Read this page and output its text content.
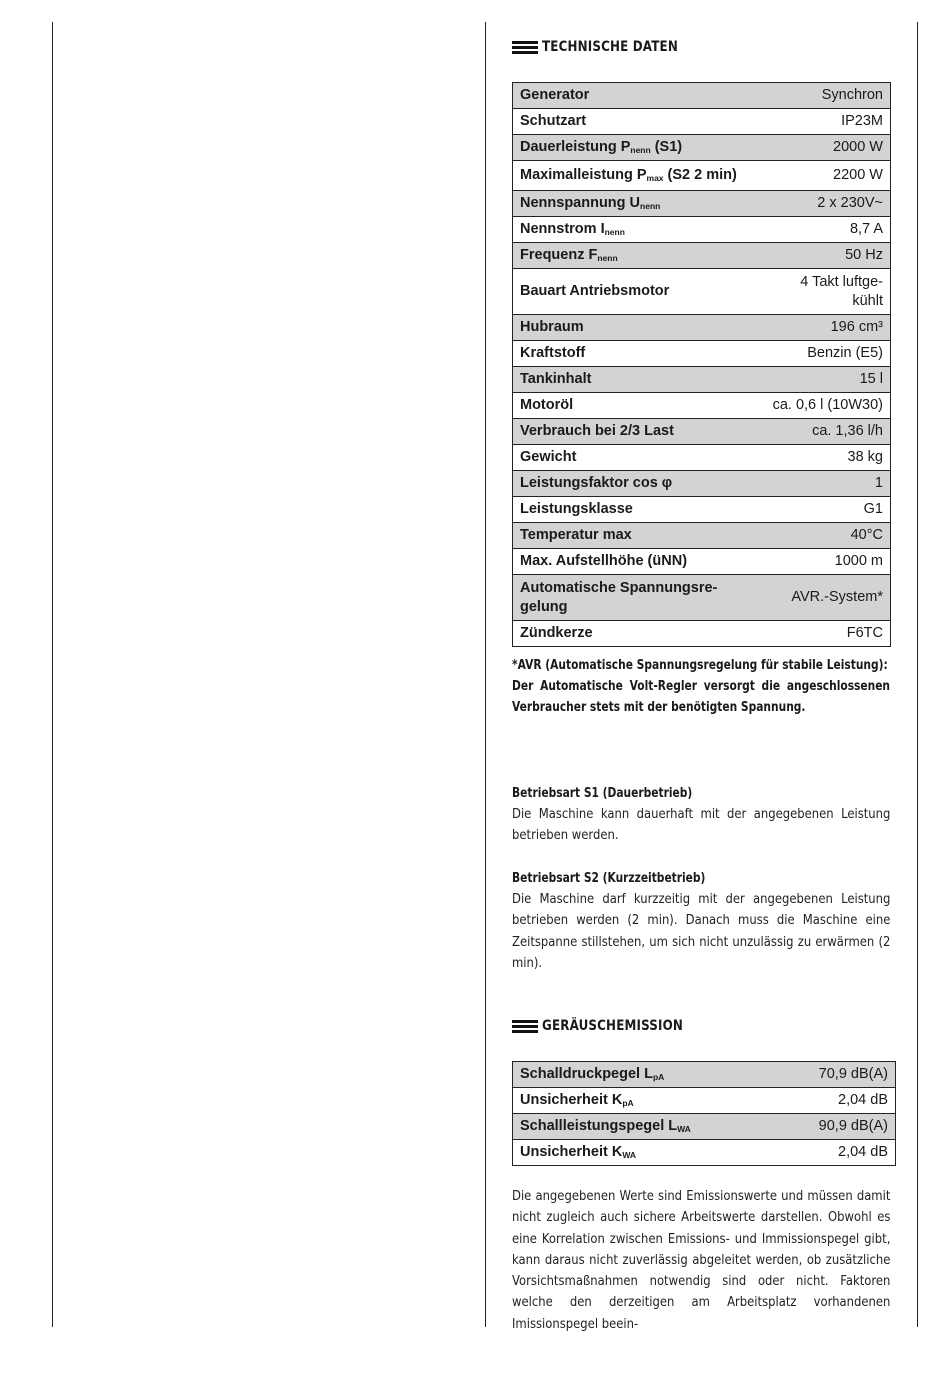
TECHNISCHE DATEN
Generator	Synchron
Schutzart	IP23M
Dauerleistung $P_{nenn}$ (S1)	2000 W
Maximalleistung $P_{max}$ (S2 2 min)	2200 W
Nennspannung $U_{nenn}$	2 x 230V~
Nennstrom $I_{nenn}$	8,7 A
Frequenz $F_{nenn}$	50 Hz
Bauart Antriebsmotor	4 Takt luftge-
kühlt
Hubraum	196 cm³
Kraftstoff	Benzin (E5)
Tankinhalt	15 l
Motoröl	ca. 0,6 l (10W30)
Verbrauch bei 2/3 Last	ca. 1,36 l/h
Gewicht	38 kg
Leistungsfaktor cos φ	1
Leistungsklasse	G1
Temperatur max	40°C
Max. Aufstellhöhe (üNN)	1000 m
Automatische Spannungsre-
gelung	AVR.-System*
Zündkerze	F6TC
*AVR (Automatische Spannungsregelung für stabile Leistung):
Der Automatische Volt-Regler versorgt die angeschlossenen Verbraucher stets mit der benötigten Spannung.
Betriebsart S1 (Dauerbetrieb)
Die Maschine kann dauerhaft mit der angegebenen Leistung betrieben werden.
Betriebsart S2 (Kurzzeitbetrieb)
Die Maschine darf kurzzeitig mit der angegebenen Leistung betrieben werden (2 min). Danach muss die Maschine eine Zeitspanne stillstehen, um sich nicht unzulässig zu erwärmen (2 min).
GERÄUSCHEMISSION
Schalldruckpegel $L_{pA}$	70,9 dB(A)
Unsicherheit $K_{pA}$	2,04 dB
Schallleistungspegel $L_{WA}$	90,9 dB(A)
Unsicherheit $K_{WA}$	2,04 dB
Die angegebenen Werte sind Emissionswerte und müssen damit nicht zugleich auch sichere Arbeitswerte darstellen. Obwohl es eine Korrelation zwischen Emissions- und Immissionspegel gibt, kann daraus nicht zuverlässig abgeleitet werden, ob zusätzliche Vorsichtsmaßnahmen notwendig sind oder nicht. Faktoren welche den derzeitigen am Arbeitsplatz vorhandenen Imissionspegel beein-
